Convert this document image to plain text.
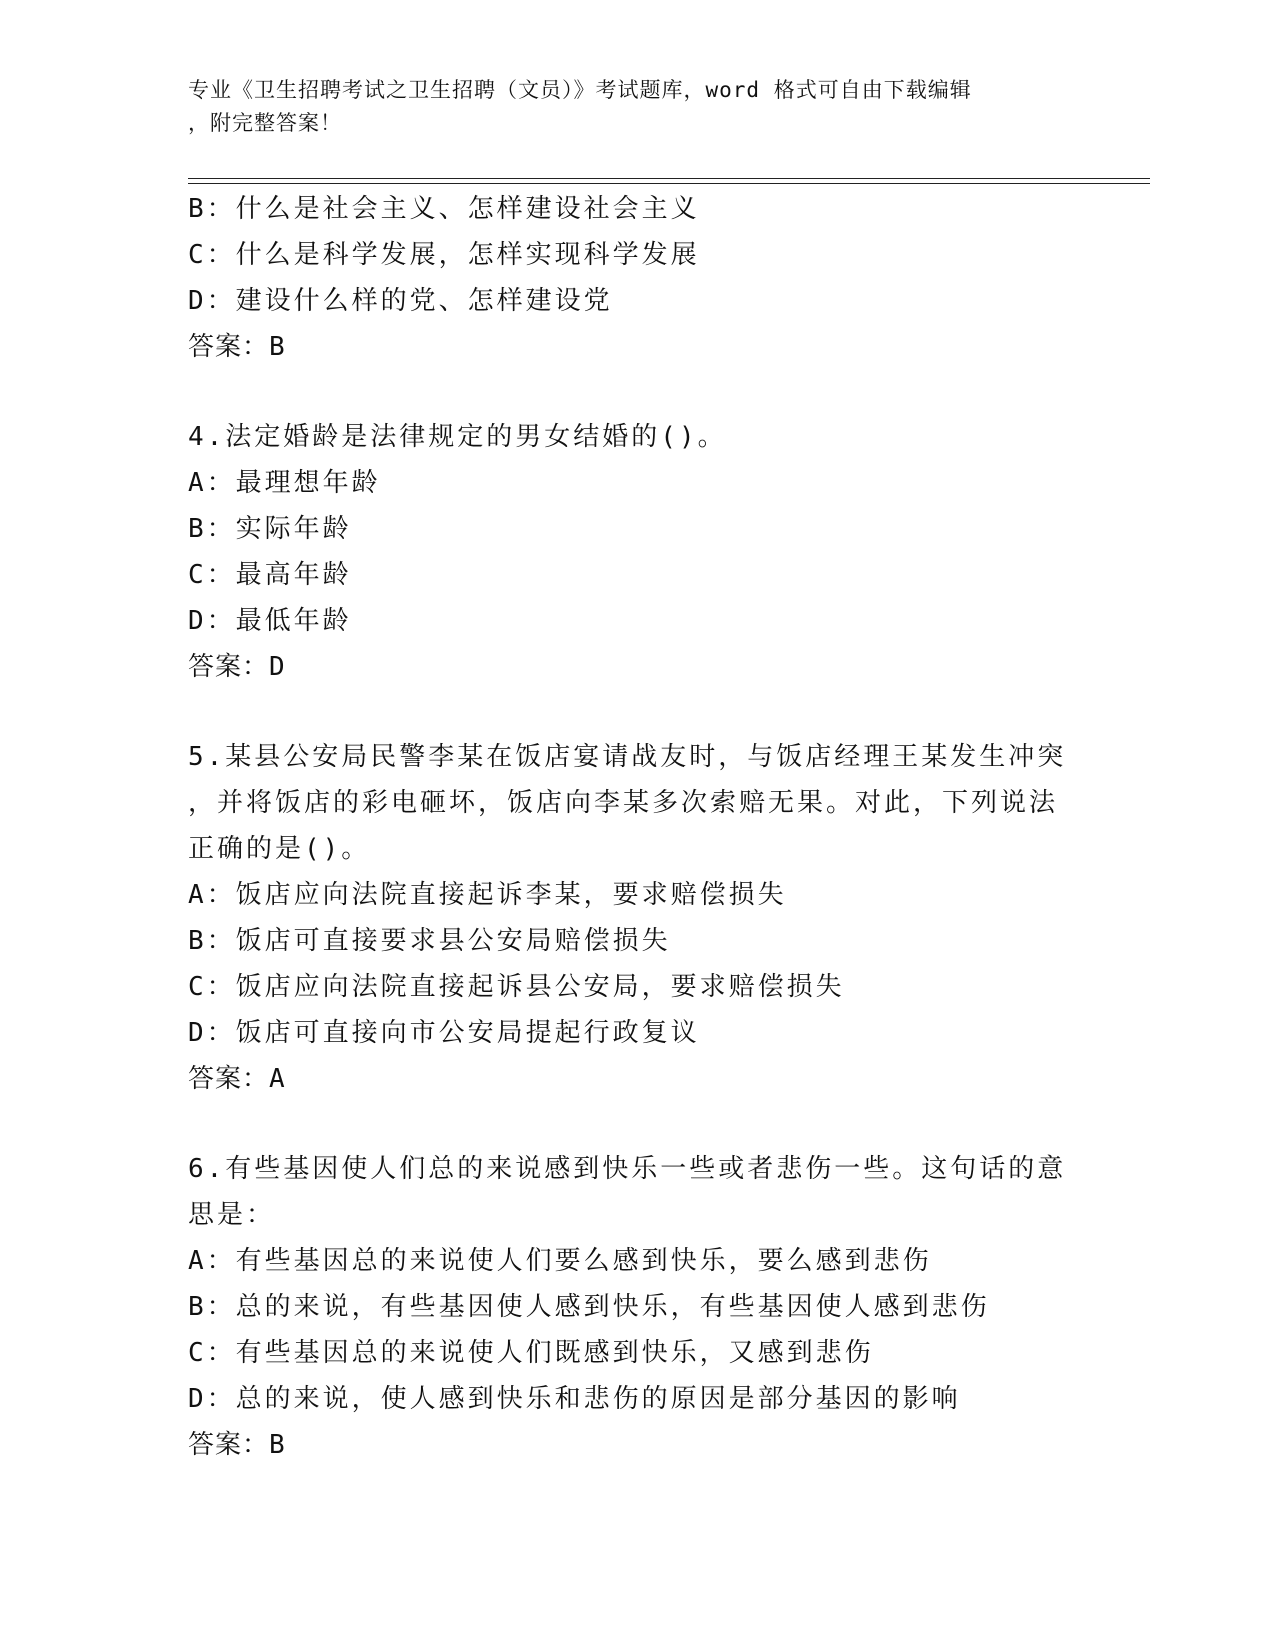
专业《卫生招聘考试之卫生招聘（文员）》考试题库，word 格式可自由下载编辑
，附完整答案！
B：什么是社会主义、怎样建设社会主义
C：什么是科学发展，怎样实现科学发展
D：建设什么样的党、怎样建设党
答案：B
4.法定婚龄是法律规定的男女结婚的()。
A：最理想年龄
B：实际年龄
C：最高年龄
D：最低年龄
答案：D
5.某县公安局民警李某在饭店宴请战友时，与饭店经理王某发生冲突
，并将饭店的彩电砸坏，饭店向李某多次索赔无果。对此，下列说法
正确的是()。
A：饭店应向法院直接起诉李某，要求赔偿损失
B：饭店可直接要求县公安局赔偿损失
C：饭店应向法院直接起诉县公安局，要求赔偿损失
D：饭店可直接向市公安局提起行政复议
答案：A
6.有些基因使人们总的来说感到快乐一些或者悲伤一些。这句话的意
思是：
A：有些基因总的来说使人们要么感到快乐，要么感到悲伤
B：总的来说，有些基因使人感到快乐，有些基因使人感到悲伤
C：有些基因总的来说使人们既感到快乐，又感到悲伤
D：总的来说，使人感到快乐和悲伤的原因是部分基因的影响
答案：B
